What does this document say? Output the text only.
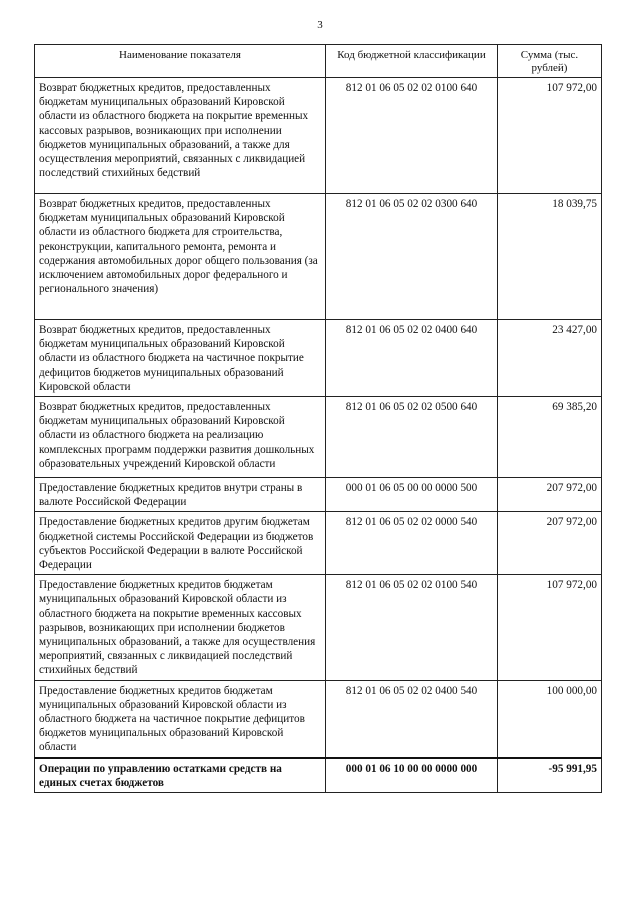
3
Наименование показателя	Код бюджетной классификации	Сумма (тыс. рублей)
Возврат бюджетных кредитов, предоставленных бюджетам муниципальных образований Кировской области из областного бюджета на покрытие временных кассовых разрывов, возникающих при исполнении бюджетов муниципальных образований, а также для осуществления мероприятий, связанных с ликвидацией последствий стихийных бедствий	812 01 06 05 02 02 0100 640	107 972,00
Возврат бюджетных кредитов, предоставленных бюджетам муниципальных образований Кировской области из областного бюджета для строительства, реконструкции, капитального ремонта, ремонта и содержания автомобильных дорог общего пользования (за исключением автомобильных дорог федерального и регионального значения)	812 01 06 05 02 02 0300 640	18 039,75
Возврат бюджетных кредитов, предоставленных бюджетам муниципальных образований Кировской области из областного бюджета на частичное покрытие дефицитов бюджетов муниципальных образований Кировской области	812 01 06 05 02 02 0400 640	23 427,00
Возврат бюджетных кредитов, предоставленных бюджетам муниципальных образований Кировской области из областного бюджета на реализацию комплексных программ поддержки развития дошкольных образовательных учреждений Кировской области	812 01 06 05 02 02 0500 640	69 385,20
Предоставление бюджетных кредитов внутри страны в валюте Российской Федерации	000 01 06 05 00 00 0000 500	207 972,00
Предоставление бюджетных кредитов другим бюджетам бюджетной системы Российской Федерации из бюджетов субъектов Российской Федерации в валюте Российской Федерации	812 01 06 05 02 02 0000 540	207 972,00
Предоставление бюджетных кредитов бюджетам муниципальных образований Кировской области из областного бюджета на покрытие временных кассовых разрывов, возникающих при исполнении бюджетов муниципальных образований, а также для осуществления мероприятий, связанных с ликвидацией последствий стихийных бедствий	812 01 06 05 02 02 0100 540	107 972,00
Предоставление бюджетных кредитов бюджетам муниципальных образований Кировской области из областного бюджета на частичное покрытие дефицитов бюджетов муниципальных образований Кировской области	812 01 06 05 02 02 0400 540	100 000,00
Операции по управлению остатками средств на единых счетах бюджетов	000 01 06 10 00 00 0000 000	-95 991,95
